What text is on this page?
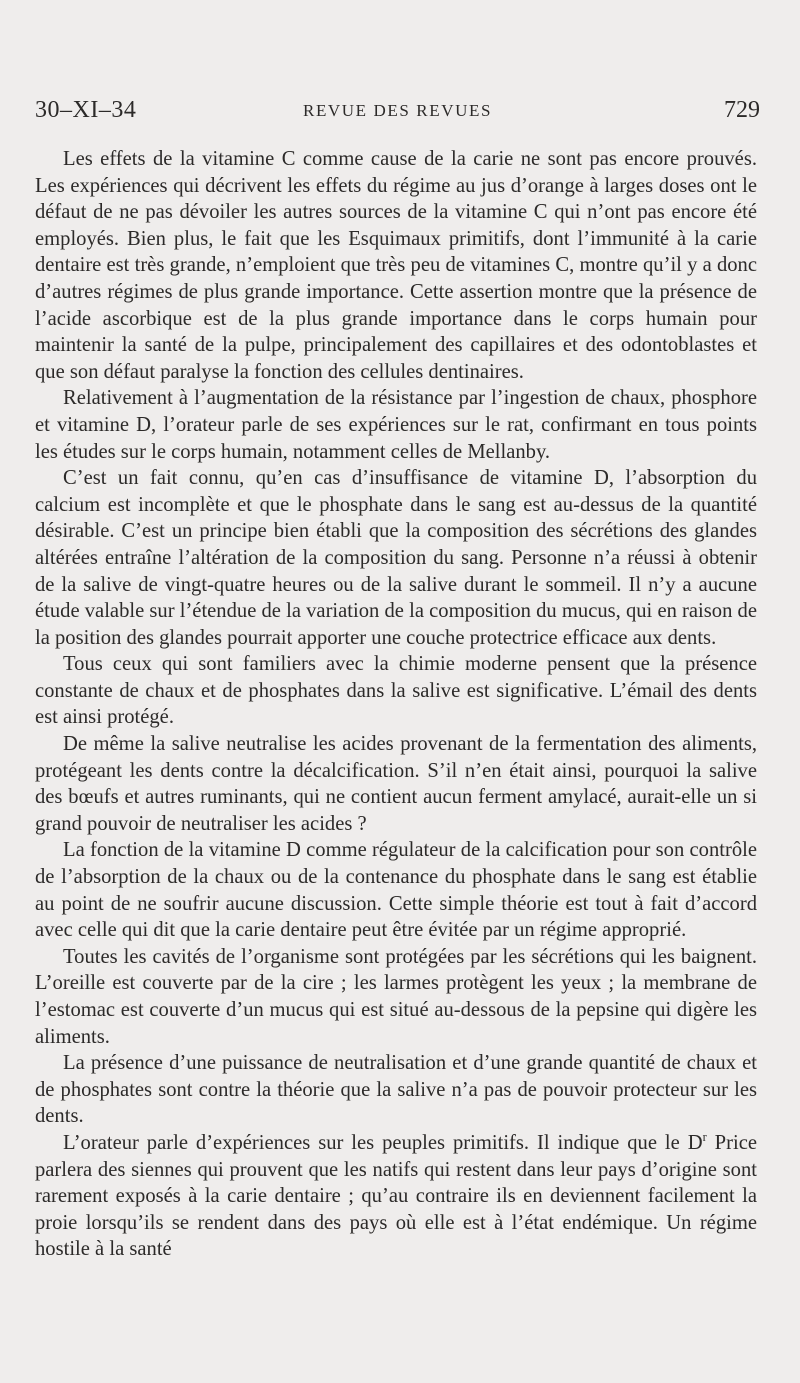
30–XI–34	REVUE DES REVUES	729

Les effets de la vitamine C comme cause de la carie ne sont pas encore prouvés. Les expériences qui décrivent les effets du régime au jus d’orange à larges doses ont le défaut de ne pas dévoiler les autres sources de la vitamine C qui n’ont pas encore été employés. Bien plus, le fait que les Esquimaux primitifs, dont l’immunité à la carie dentaire est très grande, n’emploient que très peu de vitamines C, montre qu’il y a donc d’autres régimes de plus grande importance. Cette assertion montre que la présence de l’acide ascorbique est de la plus grande importance dans le corps humain pour maintenir la santé de la pulpe, principalement des capillaires et des odontoblastes et que son défaut paralyse la fonction des cellules dentinaires.

Relativement à l’augmentation de la résistance par l’ingestion de chaux, phosphore et vitamine D, l’orateur parle de ses expériences sur le rat, confirmant en tous points les études sur le corps humain, notamment celles de Mellanby.

C’est un fait connu, qu’en cas d’insuffisance de vitamine D, l’absorption du calcium est incomplète et que le phosphate dans le sang est au-dessus de la quantité désirable. C’est un principe bien établi que la composition des sécrétions des glandes altérées entraîne l’altération de la composition du sang. Personne n’a réussi à obtenir de la salive de vingt-quatre heures ou de la salive durant le sommeil. Il n’y a aucune étude valable sur l’étendue de la variation de la composition du mucus, qui en raison de la position des glandes pourrait apporter une couche protectrice efficace aux dents.

Tous ceux qui sont familiers avec la chimie moderne pensent que la présence constante de chaux et de phosphates dans la salive est significative. L’émail des dents est ainsi protégé.

De même la salive neutralise les acides provenant de la fermentation des aliments, protégeant les dents contre la décalcification. S’il n’en était ainsi, pourquoi la salive des bœufs et autres ruminants, qui ne contient aucun ferment amylacé, aurait-elle un si grand pouvoir de neutraliser les acides ?

La fonction de la vitamine D comme régulateur de la calcification pour son contrôle de l’absorption de la chaux ou de la contenance du phosphate dans le sang est établie au point de ne soufrir aucune discussion. Cette simple théorie est tout à fait d’accord avec celle qui dit que la carie dentaire peut être évitée par un régime approprié.

Toutes les cavités de l’organisme sont protégées par les sécrétions qui les baignent. L’oreille est couverte par de la cire ; les larmes protègent les yeux ; la membrane de l’estomac est couverte d’un mucus qui est situé au-dessous de la pepsine qui digère les aliments.

La présence d’une puissance de neutralisation et d’une grande quantité de chaux et de phosphates sont contre la théorie que la salive n’a pas de pouvoir protecteur sur les dents.

L’orateur parle d’expériences sur les peuples primitifs. Il indique que le $D^r$ Price parlera des siennes qui prouvent que les natifs qui restent dans leur pays d’origine sont rarement exposés à la carie dentaire ; qu’au contraire ils en deviennent facilement la proie lorsqu’ils se rendent dans des pays où elle est à l’état endémique. Un régime hostile à la santé
